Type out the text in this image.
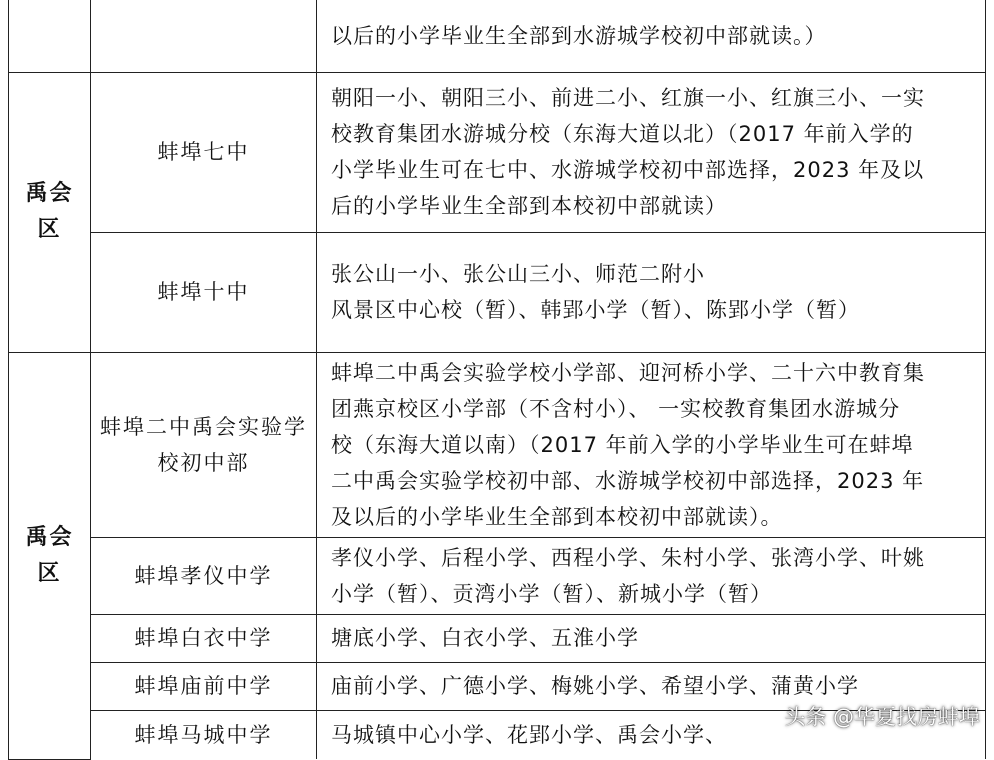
		以后的小学毕业生全部到水游城学校初中部就读。）

禹会区	蚌埠七中	朝阳一小、朝阳三小、前进二小、红旗一小、红旗三小、一实
校教育集团水游城分校（东海大道以北）（2017 年前入学的
小学毕业生可在七中、水游城学校初中部选择，2023 年及以
后的小学毕业生全部到本校初中部就读）

	蚌埠十中	张公山一小、张公山三小、师范二附小
风景区中心校（暂）、韩郢小学（暂）、陈郢小学（暂）

禹会区	蚌埠二中禹会实验学校初中部	蚌埠二中禹会实验学校小学部、迎河桥小学、二十六中教育集
团燕京校区小学部（不含村小）、 一实校教育集团水游城分
校（东海大道以南）（2017 年前入学的小学毕业生可在蚌埠
二中禹会实验学校初中部、水游城学校初中部选择，2023 年
及以后的小学毕业生全部到本校初中部就读）。

	蚌埠孝仪中学	孝仪小学、后程小学、西程小学、朱村小学、张湾小学、叶姚
小学（暂）、贡湾小学（暂）、新城小学（暂）

	蚌埠白衣中学	塘底小学、白衣小学、五淮小学

	蚌埠庙前中学	庙前小学、广德小学、梅姚小学、希望小学、蒲黄小学

	蚌埠马城中学	马城镇中心小学、花郢小学、禹会小学、
头条 @华夏找房蚌埠
